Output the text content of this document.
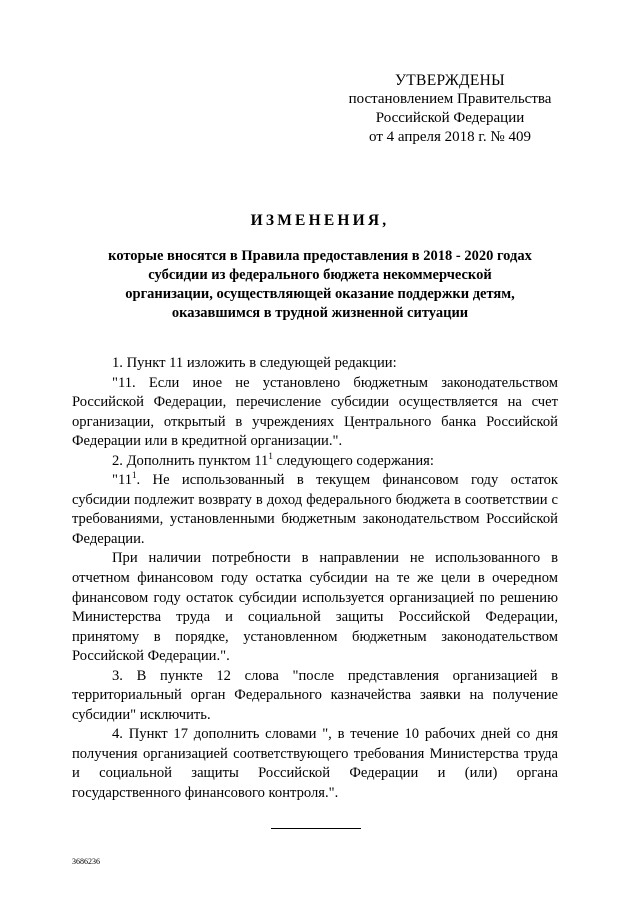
УТВЕРЖДЕНЫ
постановлением Правительства
Российской Федерации
от 4 апреля 2018 г. № 409
ИЗМЕНЕНИЯ,
которые вносятся в Правила предоставления в 2018 - 2020 годах
субсидии из федерального бюджета некоммерческой
организации, осуществляющей оказание поддержки детям,
оказавшимся в трудной жизненной ситуации

1. Пункт 11 изложить в следующей редакции:

"11. Если иное не установлено бюджетным законодательством Российской Федерации, перечисление субсидии осуществляется на счет организации, открытый в учреждениях Центрального банка Российской Федерации или в кредитной организации.".

2. Дополнить пунктом $11^1$ следующего содержания:

"$11^1$. Не использованный в текущем финансовом году остаток субсидии подлежит возврату в доход федерального бюджета в соответствии с требованиями, установленными бюджетным законодательством Российской Федерации.

При наличии потребности в направлении не использованного в отчетном финансовом году остатка субсидии на те же цели в очередном финансовом году остаток субсидии используется организацией по решению Министерства труда и социальной защиты Российской Федерации, принятому в порядке, установленном бюджетным законодательством Российской Федерации.".

3. В пункте 12 слова "после представления организацией в территориальный орган Федерального казначейства заявки на получение субсидии" исключить.

4. Пункт 17 дополнить словами ", в течение 10 рабочих дней со дня получения организацией соответствующего требования Министерства труда и социальной защиты Российской Федерации и (или) органа государственного финансового контроля.".

3686236
